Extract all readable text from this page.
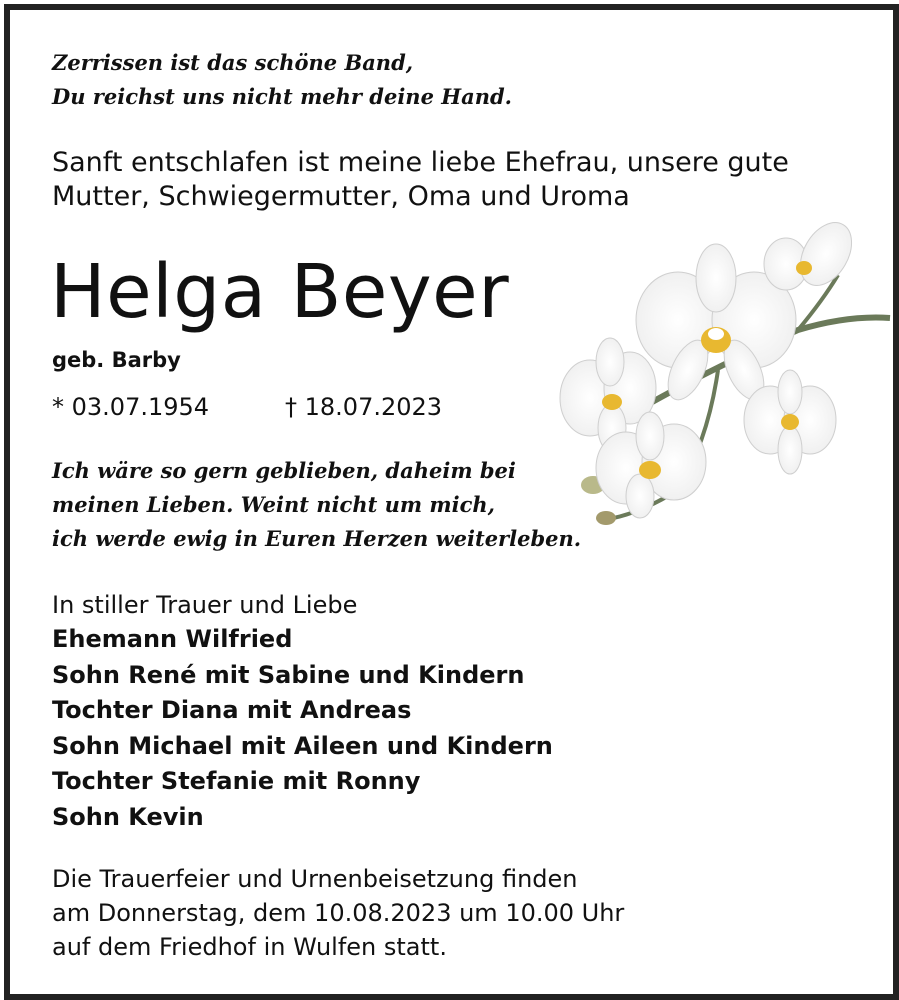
Zerrissen ist das schöne Band,
Du reichst uns nicht mehr deine Hand.
Sanft entschlafen ist meine liebe Ehefrau, unsere gute
Mutter, Schwiegermutter, Oma und Uroma
Helga Beyer
geb. Barby
* 03.07.1954	† 18.07.2023
Ich wäre so gern geblieben, daheim bei
meinen Lieben. Weint nicht um mich,
ich werde ewig in Euren Herzen weiterleben.
In stiller Trauer und Liebe
Ehemann Wilfried
Sohn René mit Sabine und Kindern
Tochter Diana mit Andreas
Sohn Michael mit Aileen und Kindern
Tochter Stefanie mit Ronny
Sohn Kevin
Die Trauerfeier und Urnenbeisetzung finden
am Donnerstag, dem 10.08.2023 um 10.00 Uhr
auf dem Friedhof in Wulfen statt.
